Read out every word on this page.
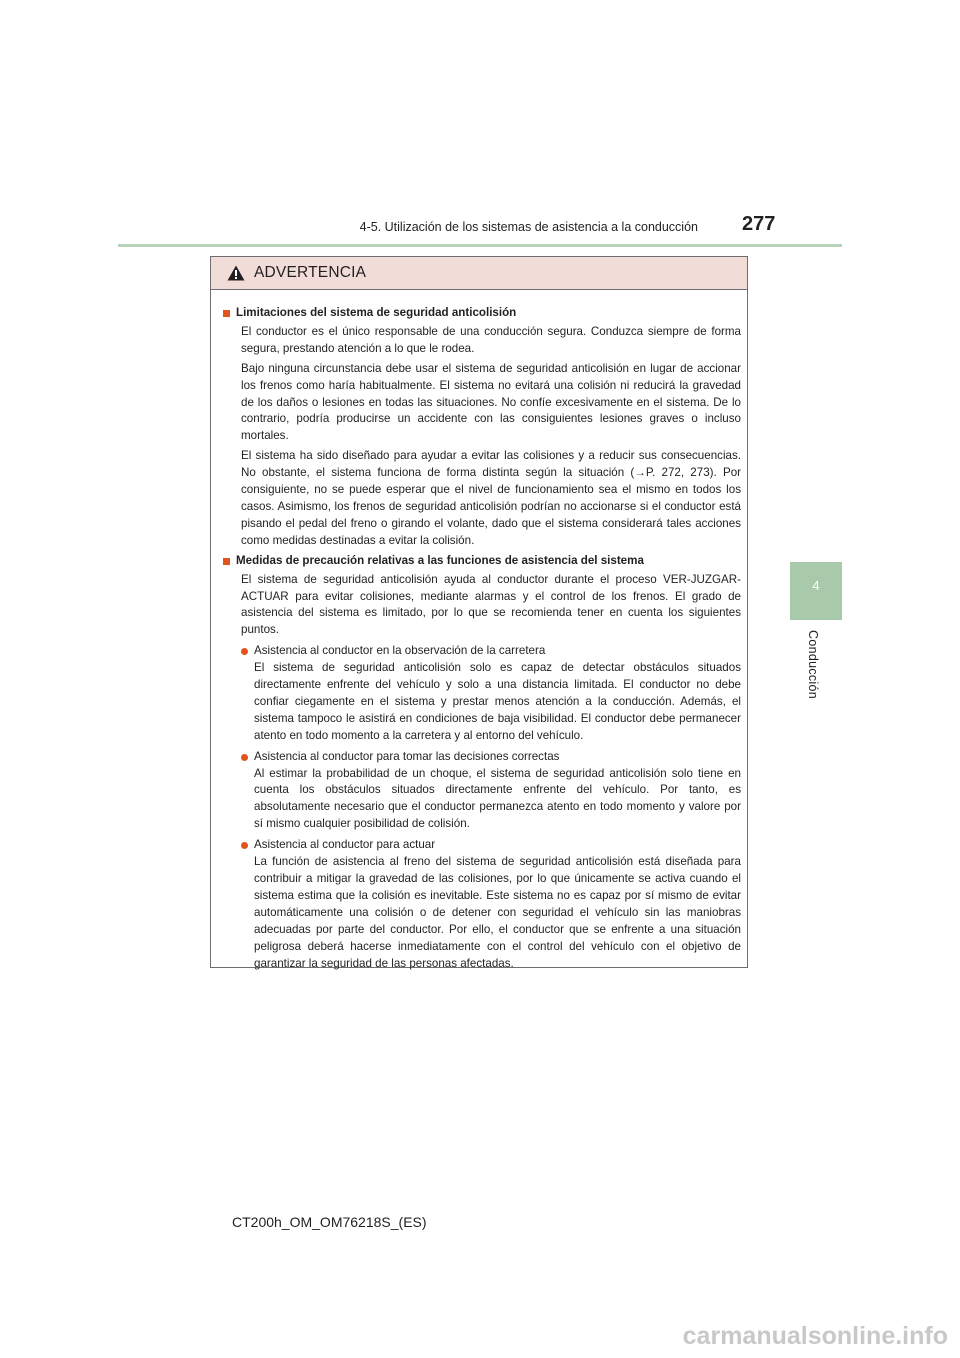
4-5. Utilización de los sistemas de asistencia a la conducción 277
4
Conducción
ADVERTENCIA
Limitaciones del sistema de seguridad anticolisión
El conductor es el único responsable de una conducción segura. Conduzca siempre de forma segura, prestando atención a lo que le rodea.
Bajo ninguna circunstancia debe usar el sistema de seguridad anticolisión en lugar de accionar los frenos como haría habitualmente. El sistema no evitará una colisión ni reducirá la gravedad de los daños o lesiones en todas las situaciones. No confíe excesivamente en el sistema. De lo contrario, podría producirse un accidente con las consiguientes lesiones graves o incluso mortales.
El sistema ha sido diseñado para ayudar a evitar las colisiones y a reducir sus consecuencias. No obstante, el sistema funciona de forma distinta según la situación (→P. 272, 273). Por consiguiente, no se puede esperar que el nivel de funcionamiento sea el mismo en todos los casos. Asimismo, los frenos de seguridad anticolisión podrían no accionarse si el conductor está pisando el pedal del freno o girando el volante, dado que el sistema considerará tales acciones como medidas destinadas a evitar la colisión.
Medidas de precaución relativas a las funciones de asistencia del sistema
El sistema de seguridad anticolisión ayuda al conductor durante el proceso VER-JUZGAR-ACTUAR para evitar colisiones, mediante alarmas y el control de los frenos. El grado de asistencia del sistema es limitado, por lo que se recomienda tener en cuenta los siguientes puntos.
Asistencia al conductor en la observación de la carretera
El sistema de seguridad anticolisión solo es capaz de detectar obstáculos situados directamente enfrente del vehículo y solo a una distancia limitada. El conductor no debe confiar ciegamente en el sistema y prestar menos atención a la conducción. Además, el sistema tampoco le asistirá en condiciones de baja visibilidad. El conductor debe permanecer atento en todo momento a la carretera y al entorno del vehículo.
Asistencia al conductor para tomar las decisiones correctas
Al estimar la probabilidad de un choque, el sistema de seguridad anticolisión solo tiene en cuenta los obstáculos situados directamente enfrente del vehículo. Por tanto, es absolutamente necesario que el conductor permanezca atento en todo momento y valore por sí mismo cualquier posibilidad de colisión.
Asistencia al conductor para actuar
La función de asistencia al freno del sistema de seguridad anticolisión está diseñada para contribuir a mitigar la gravedad de las colisiones, por lo que únicamente se activa cuando el sistema estima que la colisión es inevitable. Este sistema no es capaz por sí mismo de evitar automáticamente una colisión o de detener con seguridad el vehículo sin las maniobras adecuadas por parte del conductor. Por ello, el conductor que se enfrente a una situación peligrosa deberá hacerse inmediatamente con el control del vehículo con el objetivo de garantizar la seguridad de las personas afectadas.
CT200h_OM_OM76218S_(ES)
carmanualsonline.info
